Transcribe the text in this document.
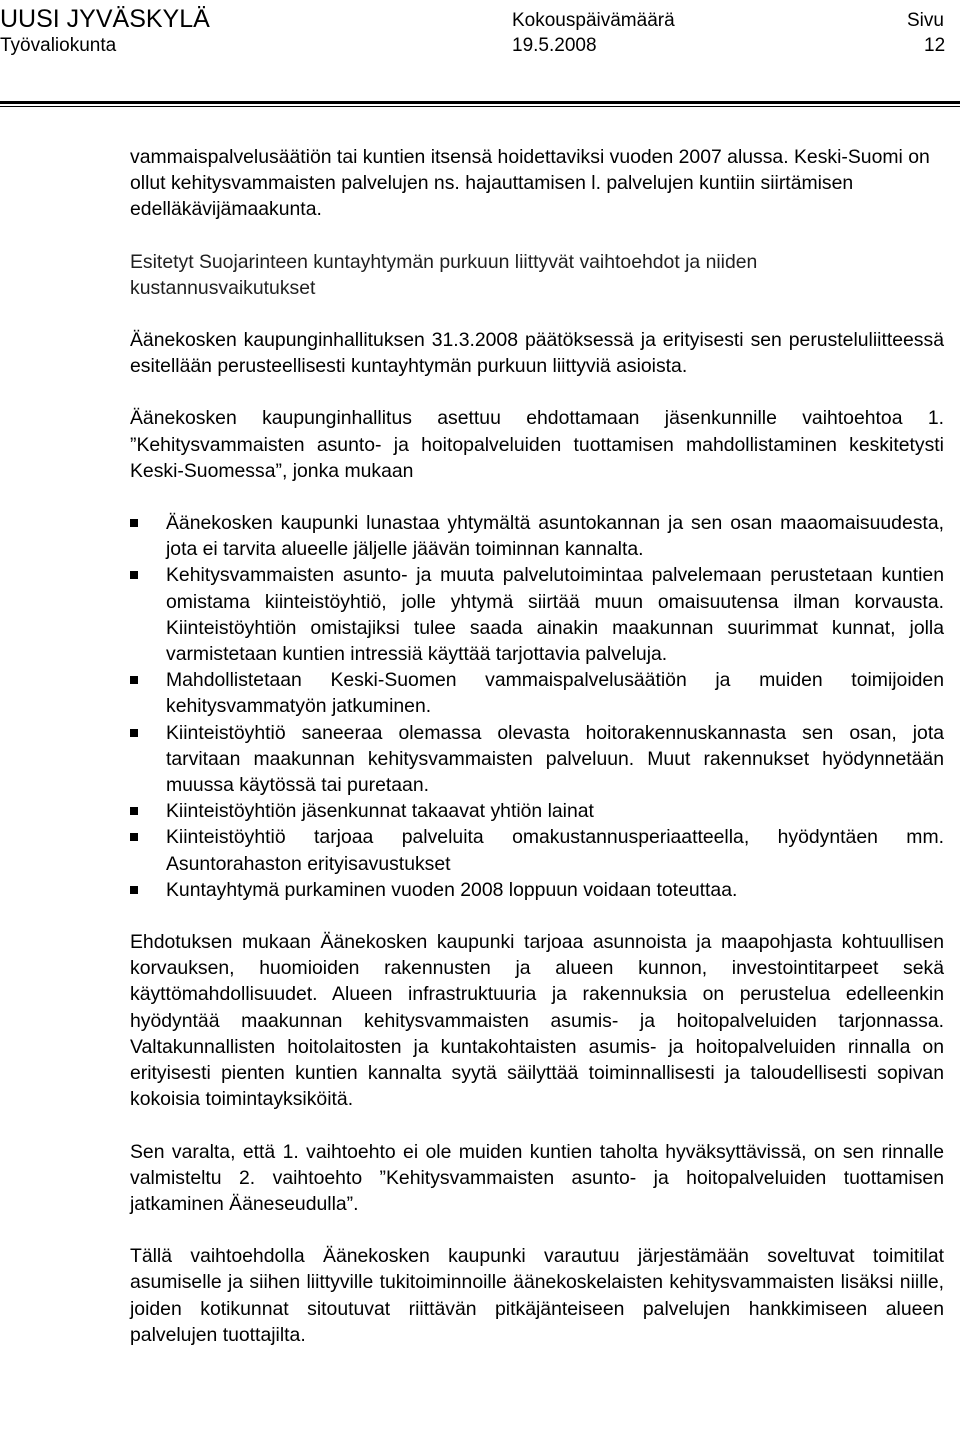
UUSI JYVÄSKYLÄ
Työvaliokunta
Kokouspäivämäärä
19.5.2008
Sivu
12

vammaispalvelusäätiön tai kuntien itsensä hoidettaviksi vuoden 2007 alussa. Keski-Suomi on ollut kehitysvammaisten palvelujen ns. hajauttamisen l. palvelujen kuntiin siirtämisen edelläkävijämaakunta.

Esitetyt Suojarinteen kuntayhtymän purkuun liittyvät vaihtoehdot ja niiden kustannusvaikutukset

Äänekosken kaupunginhallituksen 31.3.2008 päätöksessä ja erityisesti sen perusteluliitteessä esitellään perusteellisesti kuntayhtymän purkuun liittyviä asioista.

Äänekosken kaupunginhallitus asettuu ehdottamaan jäsenkunnille vaihtoehtoa 1. ”Kehitysvammaisten asunto- ja hoitopalveluiden tuottamisen mahdollistaminen keskitetysti Keski-Suomessa”, jonka mukaan

Äänekosken kaupunki lunastaa yhtymältä asuntokannan ja sen osan maaomaisuudesta, jota ei tarvita alueelle jäljelle jäävän toiminnan kannalta.
Kehitysvammaisten asunto- ja muuta palvelutoimintaa palvelemaan perustetaan kuntien omistama kiinteistöyhtiö, jolle yhtymä siirtää muun omaisuutensa ilman korvausta. Kiinteistöyhtiön omistajiksi tulee saada ainakin maakunnan suurimmat kunnat, jolla varmistetaan kuntien intressiä käyttää tarjottavia palveluja.
Mahdollistetaan Keski-Suomen vammaispalvelusäätiön ja muiden toimijoiden kehitysvammatyön jatkuminen.
Kiinteistöyhtiö saneeraa olemassa olevasta hoitorakennuskannasta sen osan, jota tarvitaan maakunnan kehitysvammaisten palveluun. Muut rakennukset hyödynnetään muussa käytössä tai puretaan.
Kiinteistöyhtiön jäsenkunnat takaavat yhtiön lainat
Kiinteistöyhtiö tarjoaa palveluita omakustannusperiaatteella, hyödyntäen mm. Asuntorahaston erityisavustukset
Kuntayhtymä purkaminen vuoden 2008 loppuun voidaan toteuttaa.

Ehdotuksen mukaan Äänekosken kaupunki tarjoaa asunnoista ja maapohjasta kohtuullisen korvauksen, huomioiden rakennusten ja alueen kunnon, investointitarpeet sekä käyttömahdollisuudet. Alueen infrastruktuuria ja rakennuksia on perustelua edelleenkin hyödyntää maakunnan kehitysvammaisten asumis- ja hoitopalveluiden tarjonnassa. Valtakunnallisten hoitolaitosten ja kuntakohtaisten asumis- ja hoitopalveluiden rinnalla on erityisesti pienten kuntien kannalta syytä säilyttää toiminnallisesti ja taloudellisesti sopivan kokoisia toimintayksiköitä.

Sen varalta, että 1. vaihtoehto ei ole muiden kuntien taholta hyväksyttävissä, on sen rinnalle valmisteltu 2. vaihtoehto ”Kehitysvammaisten asunto- ja hoitopalveluiden tuottamisen jatkaminen Ääneseudulla”.

Tällä vaihtoehdolla Äänekosken kaupunki varautuu järjestämään soveltuvat toimitilat asumiselle ja siihen liittyville tukitoiminnoille äänekoskelaisten kehitysvammaisten lisäksi niille, joiden kotikunnat sitoutuvat riittävän pitkäjänteiseen palvelujen hankkimiseen alueen palvelujen tuottajilta.
